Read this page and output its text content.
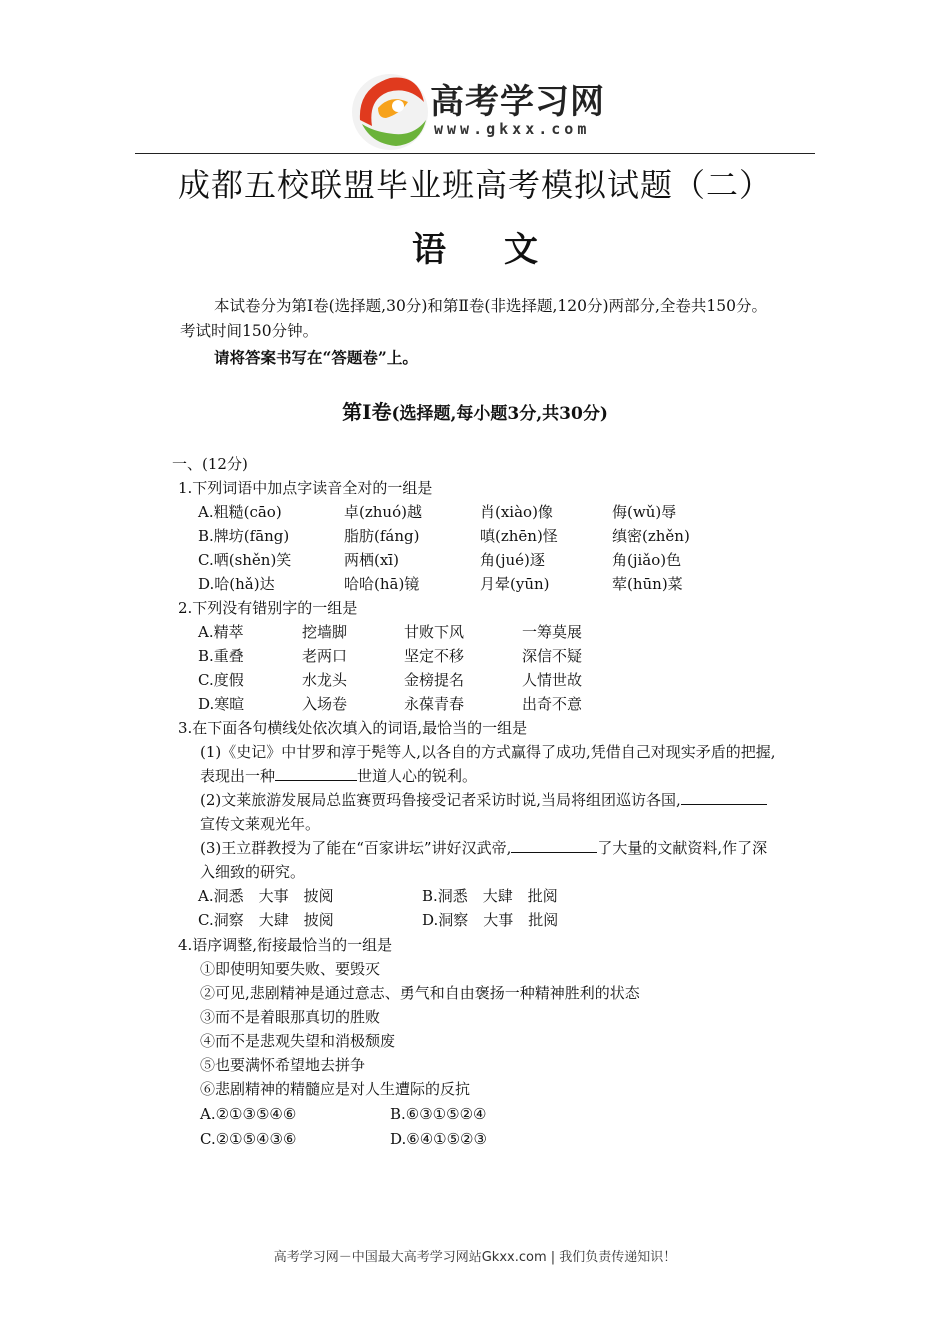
高考学习网
www.gkxx.com
成都五校联盟毕业班高考模拟试题（二）
语 文

本试卷分为第Ⅰ卷(选择题,30分)和第Ⅱ卷(非选择题,120分)两部分,全卷共150分。

考试时间150分钟。

请将答案书写在“答题卷”上。
第Ⅰ卷(选择题,每小题3分,共30分)
一、(12分)
1.下列词语中加点字读音全对的一组是
A.粗糙(cāo)	卓(zhuó)越	肖(xiào)像	侮(wǔ)辱
B.牌坊(fāng)	脂肪(fáng)	嗔(zhēn)怪	缜密(zhěn)
C.哂(shěn)笑	两栖(xī)	角(jué)逐	角(jiǎo)色
D.哈(hǎ)达	哈哈(hā)镜	月晕(yūn)	荤(hūn)菜
2.下列没有错别字的一组是
A.精萃	挖墙脚	甘败下风	一筹莫展
B.重叠	老两口	坚定不移	深信不疑
C.度假	水龙头	金榜提名	人情世故
D.寒暄	入场卷	永葆青春	出奇不意
3.在下面各句横线处依次填入的词语,最恰当的一组是
(1)《史记》中甘罗和淳于髡等人,以各自的方式赢得了成功,凭借自己对现实矛盾的把握,
表现出一种	世道人心的锐利。
(2)文莱旅游发展局总监赛贾玛鲁接受记者采访时说,当局将组团巡访各国,
宣传文莱观光年。
(3)王立群教授为了能在“百家讲坛”讲好汉武帝,	了大量的文献资料,作了深
入细致的研究。
A.洞悉　大事　披阅	B.洞悉　大肆　批阅
C.洞察　大肆　披阅	D.洞察　大事　批阅
4.语序调整,衔接最恰当的一组是
①即使明知要失败、要毁灭
②可见,悲剧精神是通过意志、勇气和自由褒扬一种精神胜利的状态
③而不是着眼那真切的胜败
④而不是悲观失望和消极颓废
⑤也要满怀希望地去拼争
⑥悲剧精神的精髓应是对人生遭际的反抗
A.②①③⑤④⑥	B.⑥③①⑤②④
C.②①⑤④③⑥	D.⑥④①⑤②③
高考学习网－中国最大高考学习网站Gkxx.com | 我们负责传递知识！
